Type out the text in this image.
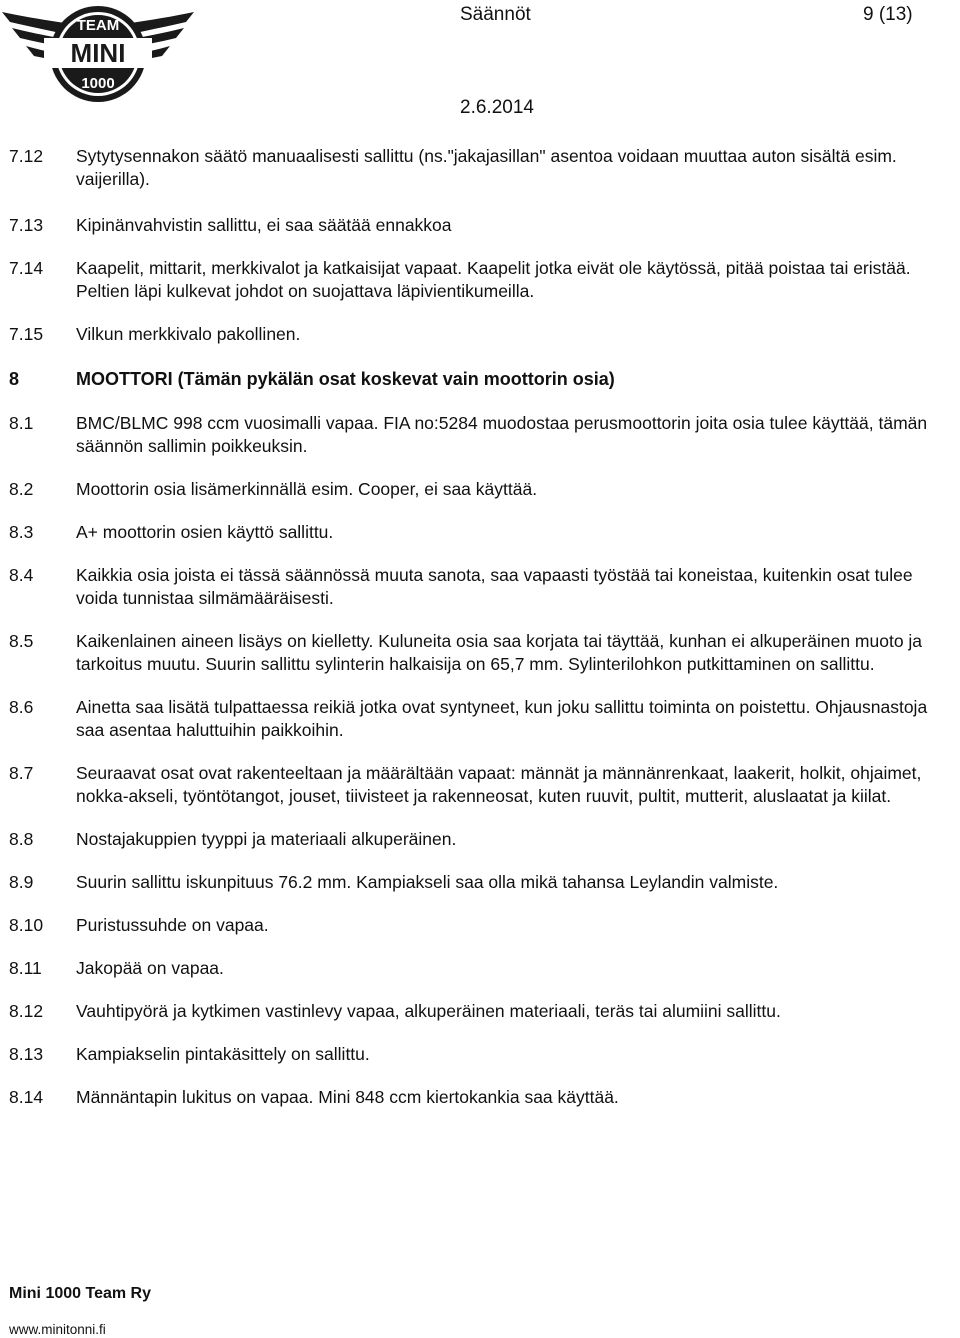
TEAM
MINI
1000
Säännöt	9 (13)
2.6.2014
7.12	Sytytysennakon säätö manuaalisesti sallittu (ns."jakajasillan" asentoa voidaan muuttaa auton sisältä esim. vaijerilla).
7.13	Kipinänvahvistin sallittu, ei saa säätää ennakkoa
7.14	Kaapelit, mittarit, merkkivalot ja katkaisijat vapaat. Kaapelit jotka eivät ole käytössä, pitää poistaa tai eristää. Peltien läpi kulkevat johdot on suojattava läpivientikumeilla.
7.15	Vilkun merkkivalo pakollinen.
8	MOOTTORI (Tämän pykälän osat koskevat vain moottorin osia)
8.1	BMC/BLMC 998 ccm vuosimalli vapaa. FIA no:5284 muodostaa perusmoottorin joita osia tulee käyttää, tämän säännön sallimin poikkeuksin.
8.2	Moottorin osia lisämerkinnällä esim. Cooper, ei saa käyttää.
8.3	A+ moottorin osien käyttö sallittu.
8.4	Kaikkia osia joista ei tässä säännössä muuta sanota, saa vapaasti työstää tai koneistaa, kuitenkin osat tulee voida tunnistaa silmämääräisesti.
8.5	Kaikenlainen aineen lisäys on kielletty. Kuluneita osia saa korjata tai täyttää, kunhan ei alkuperäinen muoto ja tarkoitus muutu. Suurin sallittu sylinterin halkaisija on 65,7 mm. Sylinterilohkon putkittaminen on sallittu.
8.6	Ainetta saa lisätä tulpattaessa reikiä jotka ovat syntyneet, kun joku sallittu toiminta on poistettu. Ohjausnastoja saa asentaa haluttuihin paikkoihin.
8.7	Seuraavat osat ovat rakenteeltaan ja määrältään vapaat: männät ja männänrenkaat, laakerit, holkit, ohjaimet, nokka-akseli, työntötangot, jouset, tiivisteet ja rakenneosat, kuten ruuvit, pultit, mutterit, aluslaatat ja kiilat.
8.8	Nostajakuppien tyyppi ja materiaali alkuperäinen.
8.9	Suurin sallittu iskunpituus 76.2 mm. Kampiakseli saa olla mikä tahansa Leylandin valmiste.
8.10	Puristussuhde on vapaa.
8.11	Jakopää on vapaa.
8.12	Vauhtipyörä ja kytkimen vastinlevy vapaa, alkuperäinen materiaali, teräs tai alumiini sallittu.
8.13	Kampiakselin pintakäsittely on sallittu.
8.14	Männäntapin lukitus on vapaa. Mini 848 ccm kiertokankia saa käyttää.
Mini 1000 Team Ry
www.minitonni.fi
